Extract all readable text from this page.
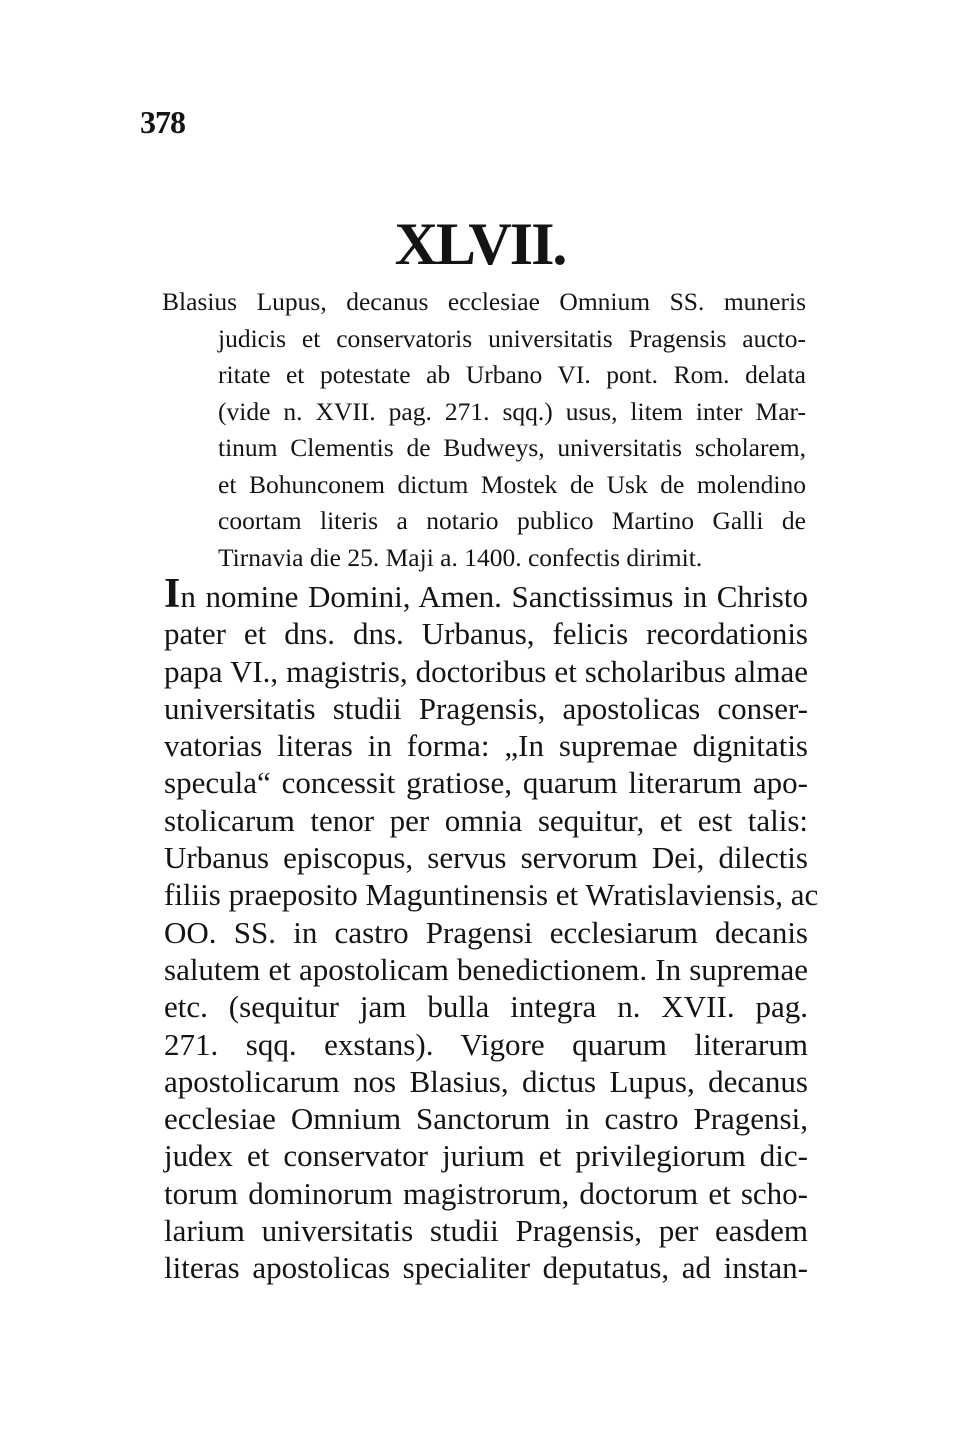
378
XLVII.
Blasius Lupus, decanus ecclesiae Omnium SS. muneris
judicis et conservatoris universitatis Pragensis aucto-
ritate et potestate ab Urbano VI. pont. Rom. delata
(vide n. XVII. pag. 271. sqq.) usus, litem inter Mar-
tinum Clementis de Budweys, universitatis scholarem,
et Bohunconem dictum Mostek de Usk de molendino
coortam literis a notario publico Martino Galli de
Tirnavia die 25. Maji a. 1400. confectis dirimit.
In nomine Domini, Amen. Sanctissimus in Christo
pater et dns. dns. Urbanus, felicis recordationis
papa VI., magistris, doctoribus et scholaribus almae
universitatis studii Pragensis, apostolicas conser-
vatorias literas in forma: „In supremae dignitatis
specula“ concessit gratiose, quarum literarum apo-
stolicarum tenor per omnia sequitur, et est talis:
Urbanus episcopus, servus servorum Dei, dilectis
filiis praeposito Maguntinensis et Wratislaviensis, ac
OO. SS. in castro Pragensi ecclesiarum decanis
salutem et apostolicam benedictionem. In supremae
etc. (sequitur jam bulla integra n. XVII. pag.
271. sqq. exstans). Vigore quarum literarum
apostolicarum nos Blasius, dictus Lupus, decanus
ecclesiae Omnium Sanctorum in castro Pragensi,
judex et conservator jurium et privilegiorum dic-
torum dominorum magistrorum, doctorum et scho-
larium universitatis studii Pragensis, per easdem
literas apostolicas specialiter deputatus, ad instan-
